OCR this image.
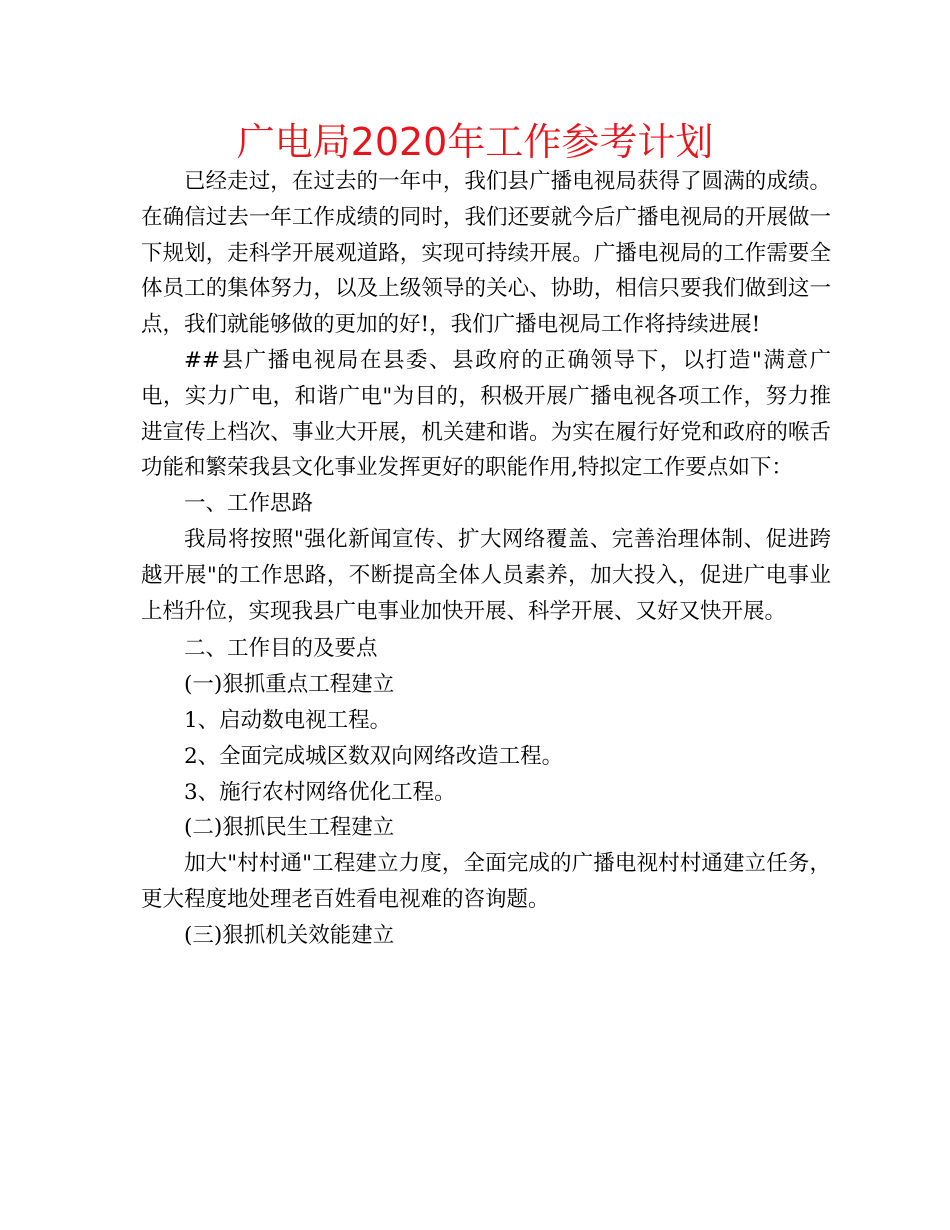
广电局2020年工作参考计划

已经走过，在过去的一年中，我们县广播电视局获得了圆满的成绩。在确信过去一年工作成绩的同时，我们还要就今后广播电视局的开展做一下规划，走科学开展观道路，实现可持续开展。广播电视局的工作需要全体员工的集体努力，以及上级领导的关心、协助，相信只要我们做到这一点，我们就能够做的更加的好!，我们广播电视局工作将持续进展!

##县广播电视局在县委、县政府的正确领导下，以打造"满意广电，实力广电，和谐广电"为目的，积极开展广播电视各项工作，努力推进宣传上档次、事业大开展，机关建和谐。为实在履行好党和政府的喉舌功能和繁荣我县文化事业发挥更好的职能作用,特拟定工作要点如下：

一、工作思路

我局将按照"强化新闻宣传、扩大网络覆盖、完善治理体制、促进跨越开展"的工作思路，不断提高全体人员素养，加大投入，促进广电事业上档升位，实现我县广电事业加快开展、科学开展、又好又快开展。

二、工作目的及要点

(一)狠抓重点工程建立

1、启动数电视工程。

2、全面完成城区数双向网络改造工程。

3、施行农村网络优化工程。

(二)狠抓民生工程建立

加大"村村通"工程建立力度，全面完成的广播电视村村通建立任务，更大程度地处理老百姓看电视难的咨询题。

(三)狠抓机关效能建立
